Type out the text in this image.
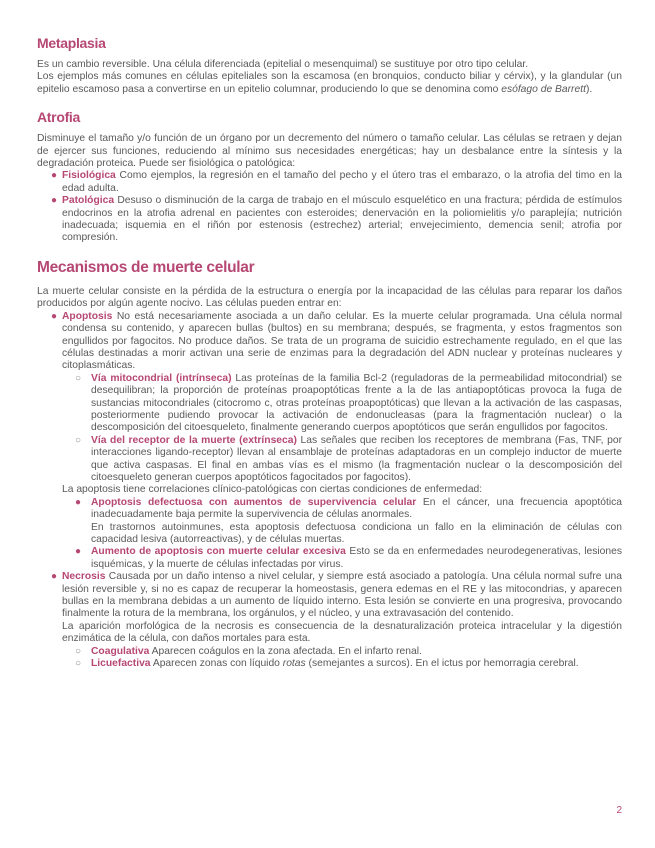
Metaplasia

Es un cambio reversible. Una célula diferenciada (epitelial o mesenquimal) se sustituye por otro tipo celular.

Los ejemplos más comunes en células epiteliales son la escamosa (en bronquios, conducto biliar y cérvix), y la glandular (un epitelio escamoso pasa a convertirse en un epitelio columnar, produciendo lo que se denomina como esófago de Barrett).

Atrofia

Disminuye el tamaño y/o función de un órgano por un decremento del número o tamaño celular. Las células se retraen y dejan de ejercer sus funciones, reduciendo al mínimo sus necesidades energéticas; hay un desbalance entre la síntesis y la degradación proteica. Puede ser fisiológica o patológica:

● Fisiológica Como ejemplos, la regresión en el tamaño del pecho y el útero tras el embarazo, o la atrofia del timo en la edad adulta.
● Patológica Desuso o disminución de la carga de trabajo en el músculo esquelético en una fractura; pérdida de estímulos endocrinos en la atrofia adrenal en pacientes con esteroides; denervación en la poliomielitis y/o paraplejía; nutrición inadecuada; isquemia en el riñón por estenosis (estrechez) arterial; envejecimiento, demencia senil; atrofia por compresión.
Mecanismos de muerte celular

La muerte celular consiste en la pérdida de la estructura o energía por la incapacidad de las células para reparar los daños producidos por algún agente nocivo. Las células pueden entrar en:

● Apoptosis No está necesariamente asociada a un daño celular. Es la muerte celular programada. Una célula normal condensa su contenido, y aparecen bullas (bultos) en su membrana; después, se fragmenta, y estos fragmentos son engullidos por fagocitos. No produce daños. Se trata de un programa de suicidio estrechamente regulado, en el que las células destinadas a morir activan una serie de enzimas para la degradación del ADN nuclear y proteínas nucleares y citoplasmáticas.
○ Vía mitocondrial (intrínseca) Las proteínas de la familia Bcl-2 (reguladoras de la permeabilidad mitocondrial) se desequilibran; la proporción de proteínas proapoptóticas frente a la de las antiapoptóticas provoca la fuga de sustancias mitocondriales (citocromo c, otras proteínas proapoptóticas) que llevan a la activación de las caspasas, posteriormente pudiendo provocar la activación de endonucleasas (para la fragmentación nuclear) o la descomposición del citoesqueleto, finalmente generando cuerpos apoptóticos que serán engullidos por fagocitos.
○ Vía del receptor de la muerte (extrínseca) Las señales que reciben los receptores de membrana (Fas, TNF, por interacciones ligando-receptor) llevan al ensamblaje de proteínas adaptadoras en un complejo inductor de muerte que activa caspasas. El final en ambas vías es el mismo (la fragmentación nuclear o la descomposición del citoesqueleto generan cuerpos apoptóticos fagocitados por fagocitos).

La apoptosis tiene correlaciones clínico-patológicas con ciertas condiciones de enfermedad:

● Apoptosis defectuosa con aumentos de supervivencia celular En el cáncer, una frecuencia apoptótica inadecuadamente baja permite la supervivencia de células anormales.
En trastornos autoinmunes, esta apoptosis defectuosa condiciona un fallo en la eliminación de células con capacidad lesiva (autorreactivas), y de células muertas.
● Aumento de apoptosis con muerte celular excesiva Esto se da en enfermedades neurodegenerativas, lesiones isquémicas, y la muerte de células infectadas por virus.
● Necrosis Causada por un daño intenso a nivel celular, y siempre está asociado a patología. Una célula normal sufre una lesión reversible y, si no es capaz de recuperar la homeostasis, genera edemas en el RE y las mitocondrias, y aparecen bullas en la membrana debidas a un aumento de líquido interno. Esta lesión se convierte en una progresiva, provocando finalmente la rotura de la membrana, los orgánulos, y el núcleo, y una extravasación del contenido.
La aparición morfológica de la necrosis es consecuencia de la desnaturalización proteica intracelular y la digestión enzimática de la célula, con daños mortales para esta.
○ Coagulativa Aparecen coágulos en la zona afectada. En el infarto renal.
○ Licuefactiva Aparecen zonas con líquido rotas (semejantes a surcos). En el ictus por hemorragia cerebral.
2
